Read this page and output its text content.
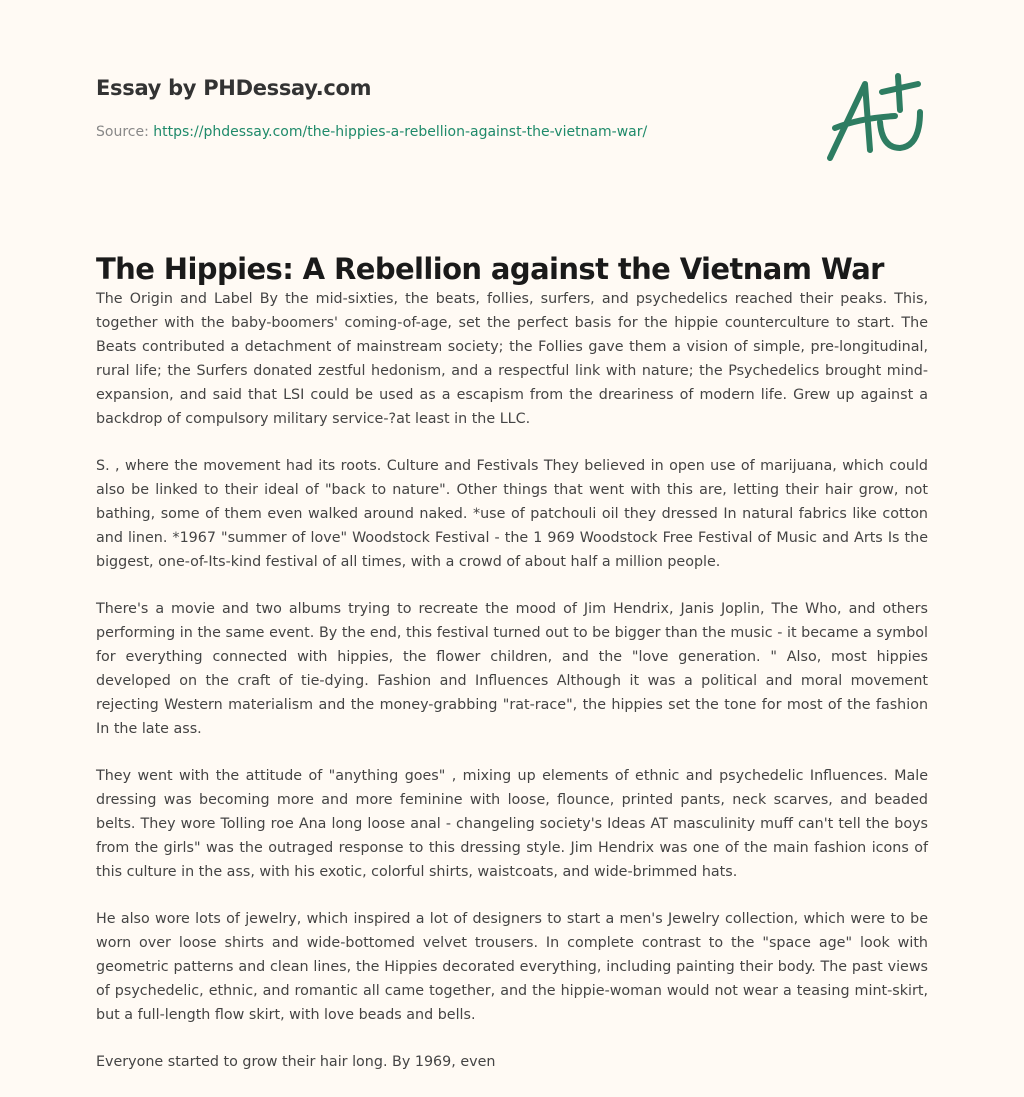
Essay by PHDessay.com

Source: https://phdessay.com/the-hippies-a-rebellion-against-the-vietnam-war/
The Hippies: A Rebellion against the Vietnam War

The Origin and Label By the mid-sixties, the beats, follies, surfers, and psychedelics reached their peaks. This, together with the baby-boomers' coming-of-age, set the perfect basis for the hippie counterculture to start. The Beats contributed a detachment of mainstream society; the Follies gave them a vision of simple, pre-longitudinal, rural life; the Surfers donated zestful hedonism, and a respectful link with nature; the Psychedelics brought mind-expansion, and said that LSI could be used as a escapism from the dreariness of modern life. Grew up against a backdrop of compulsory military service-?at least in the LLC.

S. , where the movement had its roots. Culture and Festivals They believed in open use of marijuana, which could also be linked to their ideal of "back to nature". Other things that went with this are, letting their hair grow, not bathing, some of them even walked around naked. *use of patchouli oil they dressed In natural fabrics like cotton and linen. *1967 "summer of love" Woodstock Festival - the 1 969 Woodstock Free Festival of Music and Arts Is the biggest, one-of-Its-kind festival of all times, with a crowd of about half a million people.

There's a movie and two albums trying to recreate the mood of Jim Hendrix, Janis Joplin, The Who, and others performing in the same event. By the end, this festival turned out to be bigger than the music - it became a symbol for everything connected with hippies, the flower children, and the "love generation. " Also, most hippies developed on the craft of tie-dying. Fashion and Influences Although it was a political and moral movement rejecting Western materialism and the money-grabbing "rat-race", the hippies set the tone for most of the fashion In the late ass.

They went with the attitude of "anything goes" , mixing up elements of ethnic and psychedelic Influences. Male dressing was becoming more and more feminine with loose, flounce, printed pants, neck scarves, and beaded belts. They wore Tolling roe Ana long loose anal - changeling society's Ideas AT masculinity muff can't tell the boys from the girls" was the outraged response to this dressing style. Jim Hendrix was one of the main fashion icons of this culture in the ass, with his exotic, colorful shirts, waistcoats, and wide-brimmed hats.

He also wore lots of jewelry, which inspired a lot of designers to start a men's Jewelry collection, which were to be worn over loose shirts and wide-bottomed velvet trousers. In complete contrast to the "space age" look with geometric patterns and clean lines, the Hippies decorated everything, including painting their body. The past views of psychedelic, ethnic, and romantic all came together, and the hippie-woman would not wear a teasing mint-skirt, but a full-length flow skirt, with love beads and bells.

Everyone started to grow their hair long. By 1969, even
